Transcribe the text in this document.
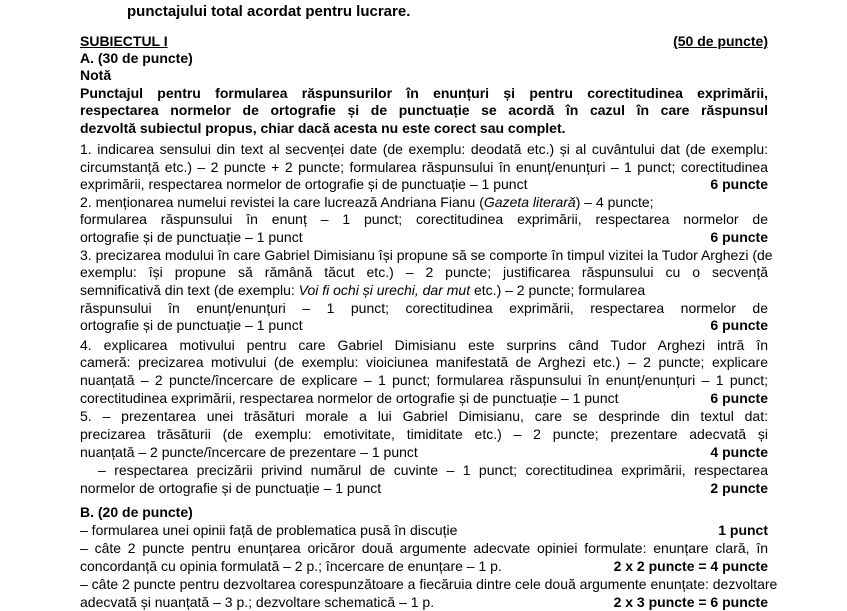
punctajului total acordat pentru lucrare.
SUBIECTUL I	(50 de puncte)
A. (30 de puncte)
Notă
Punctajul pentru formularea răspunsurilor în enunțuri și pentru corectitudinea exprimării,
respectarea normelor de ortografie și de punctuație se acordă în cazul în care răspunsul
dezvoltă subiectul propus, chiar dacă acesta nu este corect sau complet.
1. indicarea sensului din text al secvenței date (de exemplu: deodată etc.) și al cuvântului dat (de exemplu:
circumstanță etc.) – 2 puncte + 2 puncte; formularea răspunsului în enunț/enunțuri – 1 punct; corectitudinea
exprimării, respectarea normelor de ortografie și de punctuație – 1 punct	6 puncte
2. menționarea numelui revistei la care lucrează Andriana Fianu (Gazeta literară) – 4 puncte;
formularea răspunsului în enunț – 1 punct; corectitudinea exprimării, respectarea normelor de
ortografie și de punctuație – 1 punct	6 puncte
3. precizarea modului în care Gabriel Dimisianu își propune să se comporte în timpul vizitei la Tudor Arghezi (de
exemplu: își propune să rămână tăcut etc.) – 2 puncte; justificarea răspunsului cu o secvență
semnificativă din text (de exemplu: Voi fi ochi și urechi, dar mut etc.) – 2 puncte; formularea
răspunsului în enunț/enunțuri – 1 punct; corectitudinea exprimării, respectarea normelor de
ortografie și de punctuație – 1 punct	6 puncte
4. explicarea motivului pentru care Gabriel Dimisianu este surprins când Tudor Arghezi intră în
cameră: precizarea motivului (de exemplu: vioiciunea manifestată de Arghezi etc.) – 2 puncte; explicare
nuanțată – 2 puncte/încercare de explicare – 1 punct; formularea răspunsului în enunț/enunțuri – 1 punct;
corectitudinea exprimării, respectarea normelor de ortografie și de punctuație – 1 punct	6 puncte
5. – prezentarea unei trăsături morale a lui Gabriel Dimisianu, care se desprinde din textul dat:
precizarea trăsăturii (de exemplu: emotivitate, timiditate etc.) – 2 puncte; prezentare adecvată și
nuanțată – 2 puncte/încercare de prezentare – 1 punct	4 puncte
– respectarea precizării privind numărul de cuvinte – 1 punct; corectitudinea exprimării, respectarea
normelor de ortografie și de punctuație – 1 punct	2 puncte
B. (20 de puncte)
– formularea unei opinii față de problematica pusă în discuție	1 punct
– câte 2 puncte pentru enunțarea oricăror două argumente adecvate opiniei formulate: enunțare clară, în
concordanță cu opinia formulată – 2 p.; încercare de enunțare – 1 p.	2 x 2 puncte = 4 puncte
– câte 2 puncte pentru dezvoltarea corespunzătoare a fiecăruia dintre cele două argumente enunțate: dezvoltare
adecvată și nuanțată – 3 p.; dezvoltare schematică – 1 p.	2 x 3 puncte = 6 puncte
